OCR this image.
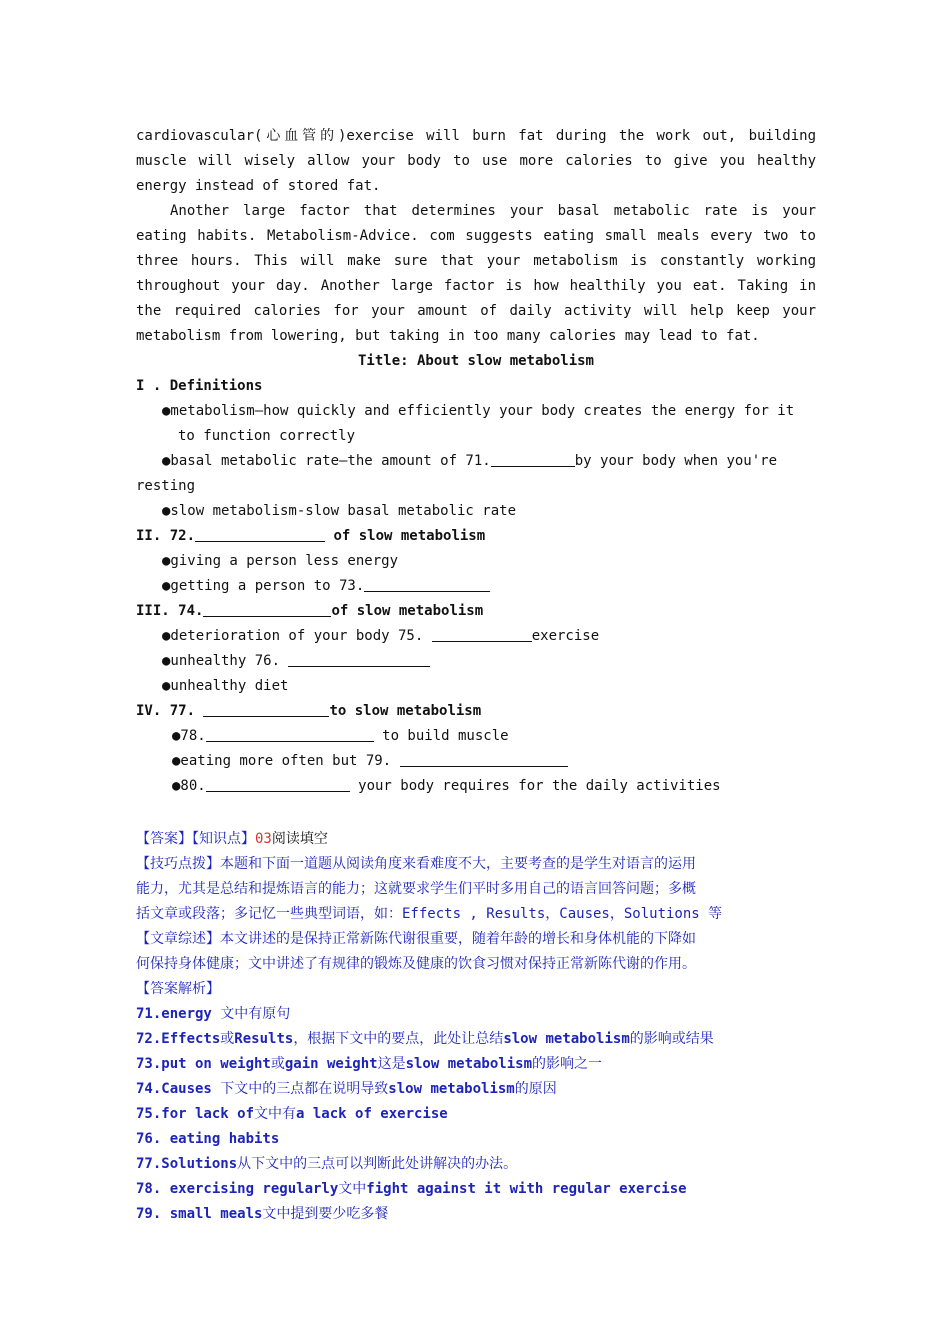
cardiovascular(心血管的)exercise will burn fat during the work out, building
muscle will wisely allow your body to use more calories to give you healthy
energy instead of stored fat.
Another large factor that determines your basal metabolic rate is your
eating habits. Metabolism-Advice. com suggests eating small meals every two to
three hours. This will make sure that your metabolism is constantly working
throughout your day. Another large factor is how healthily you eat. Taking in
the required calories for your amount of daily activity will help keep your
metabolism from lowering, but taking in too many calories may lead to fat.
Title: About slow metabolism
I . Definitions
●metabolism—how quickly and efficiently your body creates the energy for it
to function correctly
●basal metabolic rate—the amount of 71.	by your body when you're
resting
●slow metabolism-slow basal metabolic rate
II. 72.	of slow metabolism
●giving a person less energy
●getting a person to 73.
III. 74.	of slow metabolism
●deterioration of your body 75.	exercise
●unhealthy 76.
●unhealthy diet
IV. 77.	to slow metabolism
●78.	to build muscle
●eating more often but 79.
●80.	your body requires for the daily activities
【答案】【知识点】03阅读填空
【技巧点拨】本题和下面一道题从阅读角度来看难度不大，主要考查的是学生对语言的运用
能力，尤其是总结和提炼语言的能力；这就要求学生们平时多用自己的语言回答问题；多概
括文章或段落；多记忆一些典型词语，如：Effects , Results，Causes，Solutions 等
【文章综述】本文讲述的是保持正常新陈代谢很重要，随着年龄的增长和身体机能的下降如
何保持身体健康；文中讲述了有规律的锻炼及健康的饮食习惯对保持正常新陈代谢的作用。
【答案解析】
71.energy 文中有原句
72.Effects或Results，根据下文中的要点，此处让总结slow metabolism的影响或结果
73.put on weight或gain weight这是slow metabolism的影响之一
74.Causes 下文中的三点都在说明导致slow metabolism的原因
75.for lack of文中有a lack of exercise
76. eating habits
77.Solutions从下文中的三点可以判断此处讲解决的办法。
78. exercising regularly文中fight against it with regular exercise
79. small meals文中提到要少吃多餐
